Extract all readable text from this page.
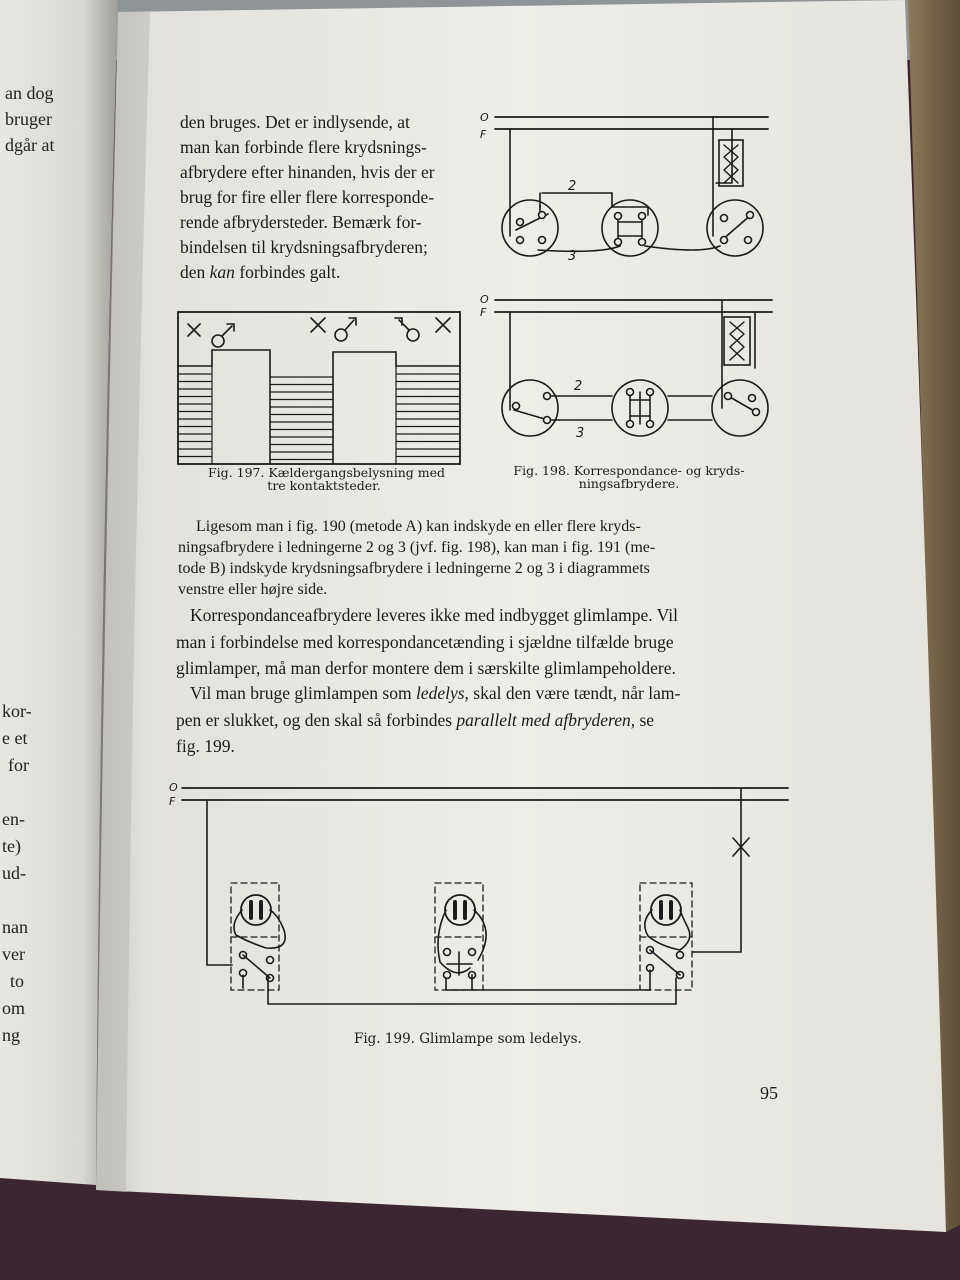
O
F
2
3
O
F
2
3
O
F
an dog
bruger
dgår at
kor-
e et
for

en-
te)
ud-

nan
ver
to
om
ng
den bruges. Det er indlysende, at
man kan forbinde flere krydsnings-
afbrydere efter hinanden, hvis der er
brug for fire eller flere korresponde-
rende afbrydersteder. Bemærk for-
bindelsen til krydsningsafbryderen;
den kan forbindes galt.
Fig. 197. Kældergangsbelysning med
tre kontaktsteder.
Fig. 198. Korrespondance- og kryds-
ningsafbrydere.
Ligesom man i fig. 190 (metode A) kan indskyde en eller flere kryds-
ningsafbrydere i ledningerne 2 og 3 (jvf. fig. 198), kan man i fig. 191 (me-
tode B) indskyde krydsningsafbrydere i ledningerne 2 og 3 i diagrammets
venstre eller højre side.
Korrespondanceafbrydere leveres ikke med indbygget glimlampe. Vil
man i forbindelse med korrespondancetænding i sjældne tilfælde bruge
glimlamper, må man derfor montere dem i særskilte glimlampeholdere.
Vil man bruge glimlampen som ledelys, skal den være tændt, når lam-
pen er slukket, og den skal så forbindes parallelt med afbryderen, se
fig. 199.
Fig. 199. Glimlampe som ledelys.
95
